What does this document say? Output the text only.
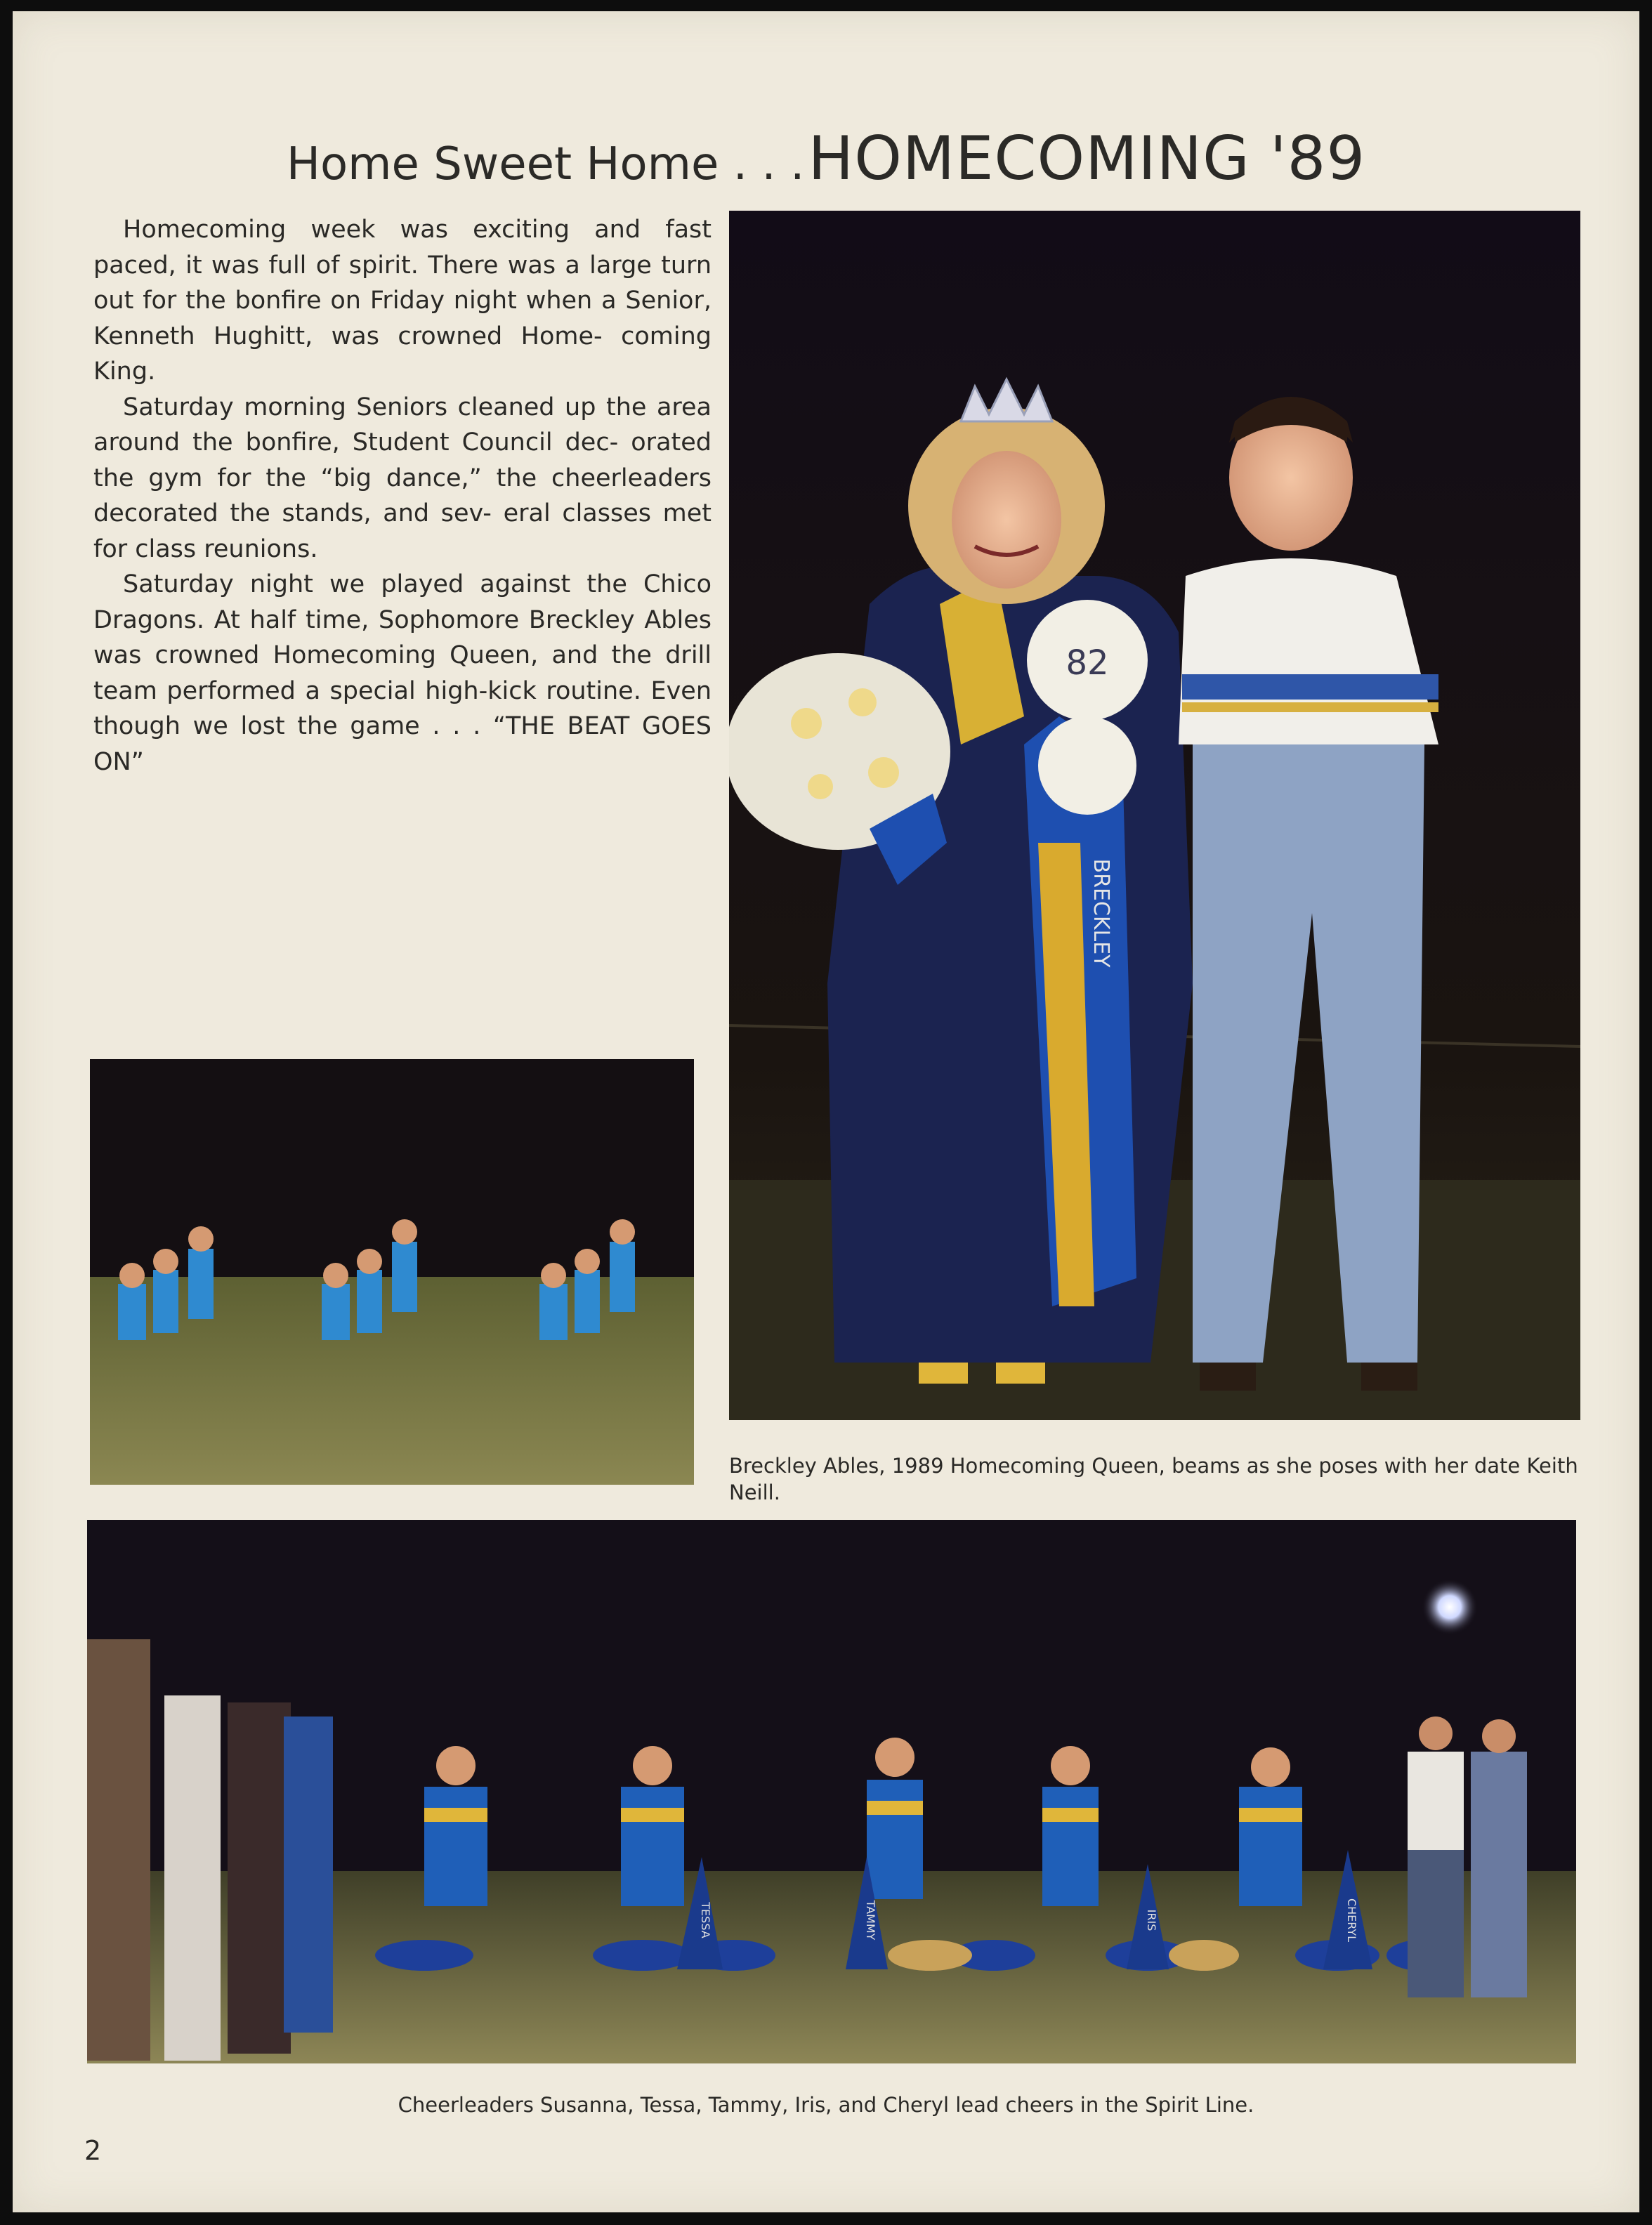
Home Sweet Home . . . HOMECOMING '89

Homecoming week was exciting and fast paced, it was full of spirit. There was a large turn out for the bonfire on Friday night when a Senior, Kenneth Hughitt, was crowned Home- coming King.

Saturday morning Seniors cleaned up the area around the bonfire, Student Council dec- orated the gym for the “big dance,” the cheerleaders decorated the stands, and sev- eral classes met for class reunions.

Saturday night we played against the Chico Dragons. At half time, Sophomore Breckley Ables was crowned Homecoming Queen, and the drill team performed a special high-kick routine. Even though we lost the game . . . “THE BEAT GOES ON”

82
BRECKLEY
Breckley Ables, 1989 Homecoming Queen, beams as she poses with her date Keith Neill.
TESSA	TAMMY	IRIS	CHERYL
Cheerleaders Susanna, Tessa, Tammy, Iris, and Cheryl lead cheers in the Spirit Line.
2
